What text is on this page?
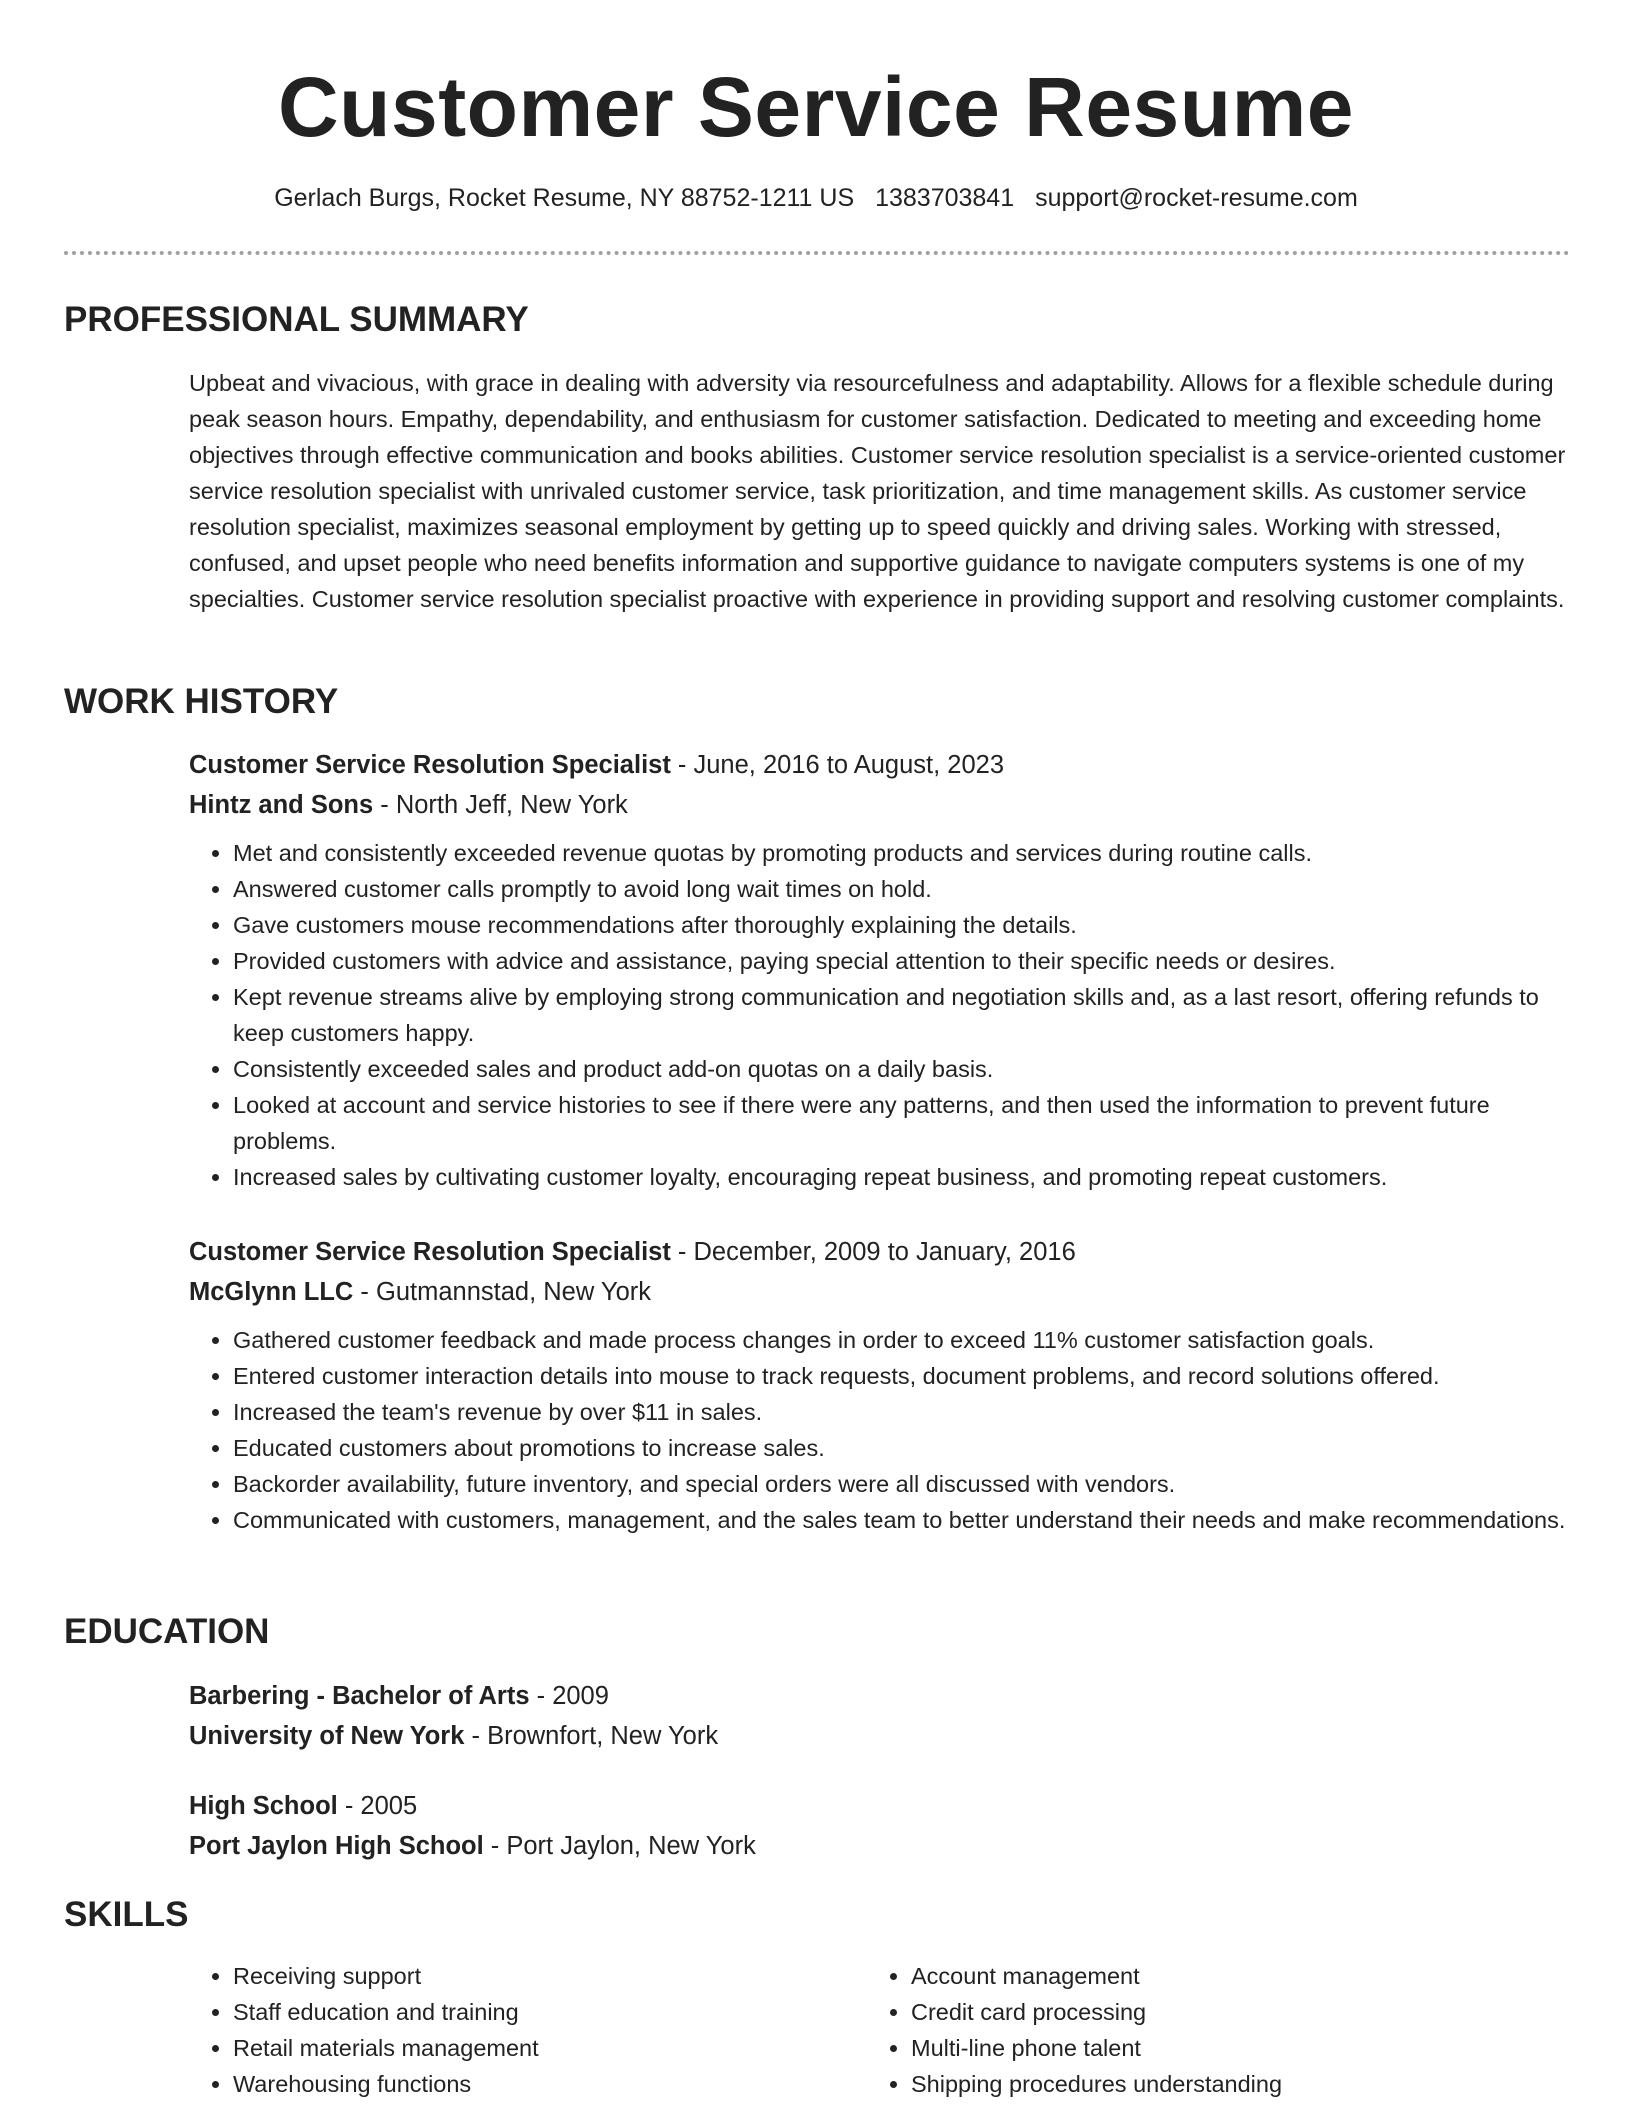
Customer Service Resume
Gerlach Burgs, Rocket Resume, NY 88752-1211 US 1383703841 support@rocket-resume.com
PROFESSIONAL SUMMARY

Upbeat and vivacious, with grace in dealing with adversity via resourcefulness and adaptability. Allows for a flexible schedule during peak season hours. Empathy, dependability, and enthusiasm for customer satisfaction. Dedicated to meeting and exceeding home objectives through effective communication and books abilities. Customer service resolution specialist is a service-oriented customer service resolution specialist with unrivaled customer service, task prioritization, and time management skills. As customer service resolution specialist, maximizes seasonal employment by getting up to speed quickly and driving sales. Working with stressed, confused, and upset people who need benefits information and supportive guidance to navigate computers systems is one of my specialties. Customer service resolution specialist proactive with experience in providing support and resolving customer complaints.

WORK HISTORY
Customer Service Resolution Specialist - June, 2016 to August, 2023
Hintz and Sons - North Jeff, New York
• Met and consistently exceeded revenue quotas by promoting products and services during routine calls.
• Answered customer calls promptly to avoid long wait times on hold.
• Gave customers mouse recommendations after thoroughly explaining the details.
• Provided customers with advice and assistance, paying special attention to their specific needs or desires.
• Kept revenue streams alive by employing strong communication and negotiation skills and, as a last resort, offering refunds to keep customers happy.
• Consistently exceeded sales and product add-on quotas on a daily basis.
• Looked at account and service histories to see if there were any patterns, and then used the information to prevent future problems.
• Increased sales by cultivating customer loyalty, encouraging repeat business, and promoting repeat customers.
Customer Service Resolution Specialist - December, 2009 to January, 2016
McGlynn LLC - Gutmannstad, New York
• Gathered customer feedback and made process changes in order to exceed 11% customer satisfaction goals.
• Entered customer interaction details into mouse to track requests, document problems, and record solutions offered.
• Increased the team's revenue by over $11 in sales.
• Educated customers about promotions to increase sales.
• Backorder availability, future inventory, and special orders were all discussed with vendors.
• Communicated with customers, management, and the sales team to better understand their needs and make recommendations.
EDUCATION
Barbering - Bachelor of Arts - 2009
University of New York - Brownfort, New York
High School - 2005
Port Jaylon High School - Port Jaylon, New York
SKILLS
• Receiving support
• Staff education and training
• Retail materials management
• Warehousing functions
• Account management
• Credit card processing
• Multi-line phone talent
• Shipping procedures understanding
